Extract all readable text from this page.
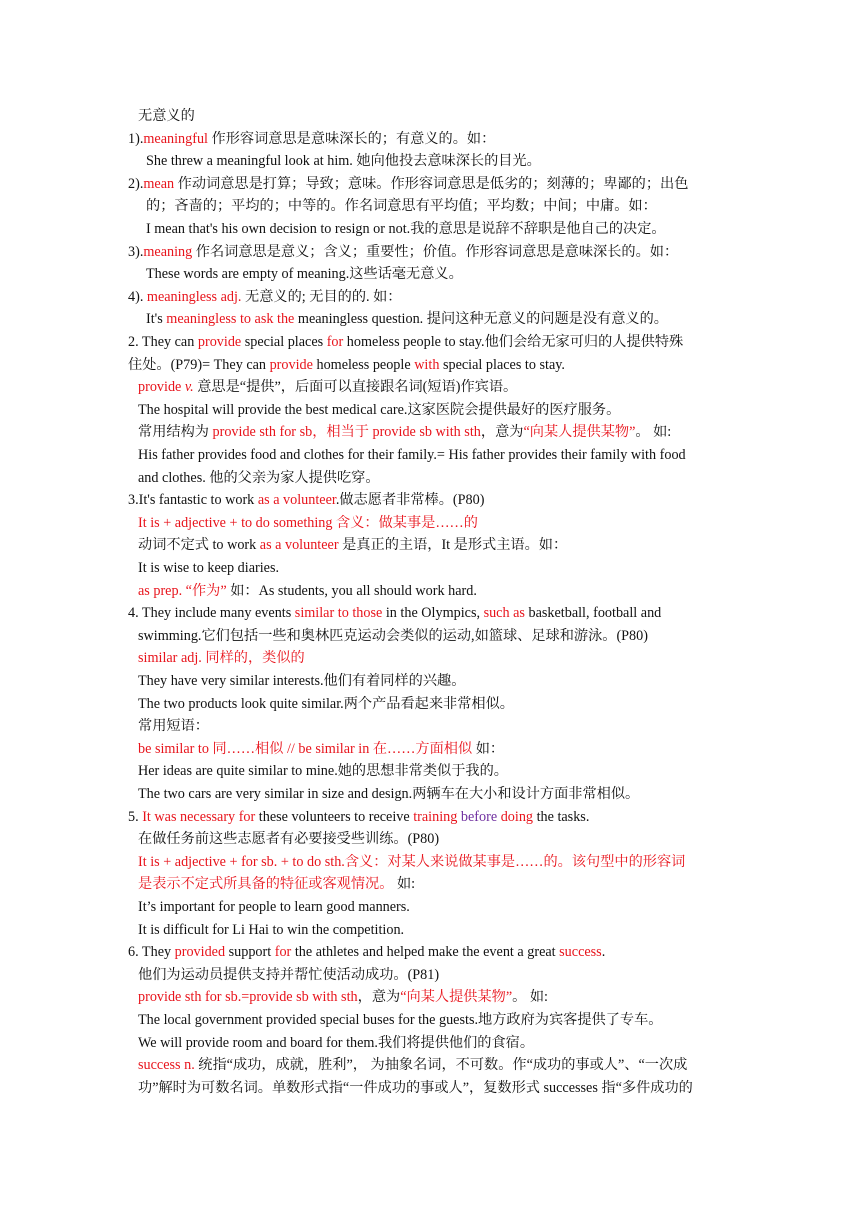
无意义的
1).meaningful 作形容词意思是意味深长的；有意义的。如：
She threw a meaningful look at him. 她向他投去意味深长的目光。
2).mean 作动词意思是打算；导致；意味。作形容词意思是低劣的；刻薄的；卑鄙的；出色
的；吝啬的；平均的；中等的。作名词意思有平均值；平均数；中间；中庸。如：
I mean that's his own decision to resign or not.我的意思是说辞不辞职是他自己的决定。
3).meaning 作名词意思是意义；含义；重要性；价值。作形容词意思是意味深长的。如：
These words are empty of meaning.这些话毫无意义。
4). meaningless adj. 无意义的; 无目的的. 如：
It's meaningless to ask the meaningless question. 提问这种无意义的问题是没有意义的。
2. They can provide special places for homeless people to stay.他们会给无家可归的人提供特殊
住处。(P79)= They can provide homeless people with special places to stay.
provide v. 意思是“提供”，后面可以直接跟名词(短语)作宾语。
The hospital will provide the best medical care.这家医院会提供最好的医疗服务。
常用结构为 provide sth for sb，相当于 provide sb with sth，意为“向某人提供某物”。 如:
His father provides food and clothes for their family.= His father provides their family with food
and clothes. 他的父亲为家人提供吃穿。
3.It's fantastic to work as a volunteer.做志愿者非常棒。(P80)
It is + adjective + to do something 含义：做某事是……的
动词不定式 to work as a volunteer 是真正的主语，It 是形式主语。如：
It is wise to keep diaries.
as prep. “作为” 如：As students, you all should work hard.
4. They include many events similar to those in the Olympics, such as basketball, football and
swimming.它们包括一些和奥林匹克运动会类似的运动,如篮球、足球和游泳。(P80)
similar adj. 同样的，类似的
They have very similar interests.他们有着同样的兴趣。
The two products look quite similar.两个产品看起来非常相似。
常用短语：
be similar to 同……相似 // be similar in 在……方面相似 如：
Her ideas are quite similar to mine.她的思想非常类似于我的。
The two cars are very similar in size and design.两辆车在大小和设计方面非常相似。
5. It was necessary for these volunteers to receive training before doing the tasks.
在做任务前这些志愿者有必要接受些训练。(P80)
It is + adjective + for sb. + to do sth.含义：对某人来说做某事是……的。该句型中的形容词
是表示不定式所具备的特征或客观情况。 如:
It’s important for people to learn good manners.
It is difficult for Li Hai to win the competition.
6. They provided support for the athletes and helped make the event a great success.
他们为运动员提供支持并帮忙使活动成功。(P81)
provide sth for sb.=provide sb with sth，意为“向某人提供某物”。 如:
The local government provided special buses for the guests.地方政府为宾客提供了专车。
We will provide room and board for them.我们将提供他们的食宿。
success n. 统指“成功，成就，胜利”， 为抽象名词，不可数。作“成功的事或人”、“一次成
功”解时为可数名词。单数形式指“一件成功的事或人”，复数形式 successes 指“多件成功的
